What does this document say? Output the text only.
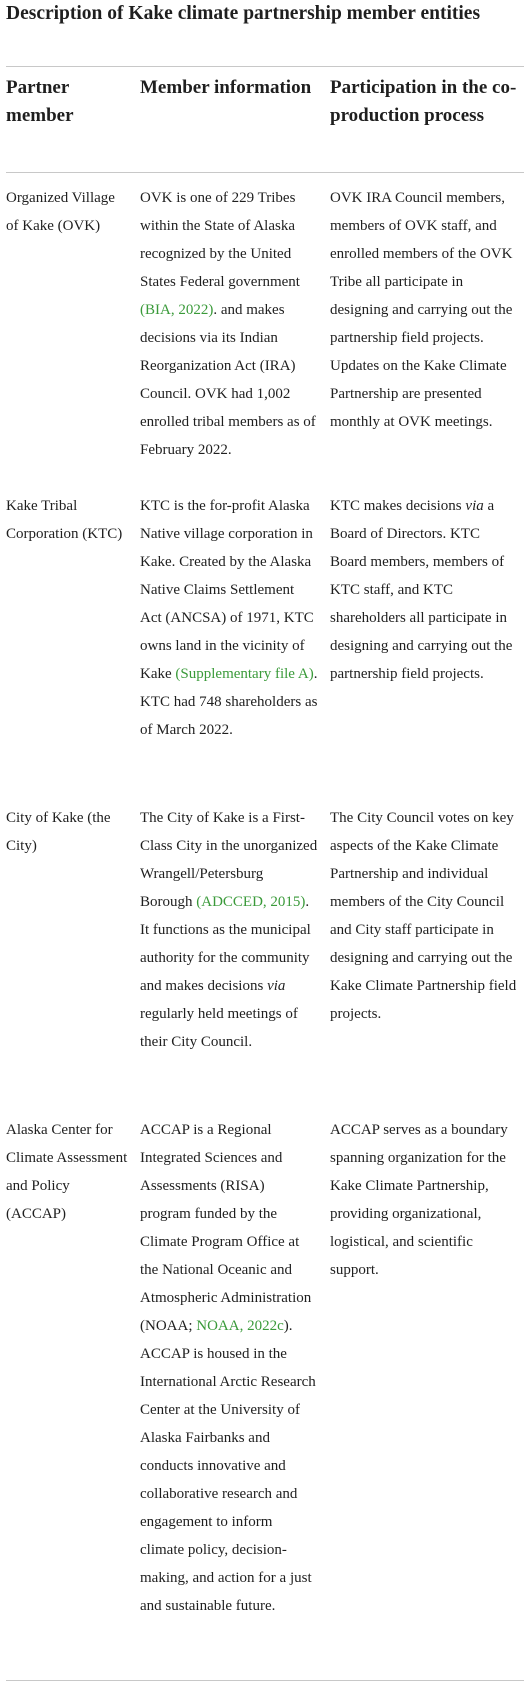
Description of Kake climate partnership member entities
Partner member
Member information Participation in the co-production process
Organized Village of Kake (OVK)
OVK is one of 229 Tribes within the State of Alaska recognized by the United States Federal government (BIA, 2022). and makes decisions via its Indian Reorganization Act (IRA) Council. OVK had 1,002 enrolled tribal members as of February 2022.
OVK IRA Council members, members of OVK staff, and enrolled members of the OVK Tribe all participate in designing and carrying out the partnership field projects. Updates on the Kake Climate Partnership are presented monthly at OVK meetings.
Kake Tribal Corporation (KTC)
KTC is the for-profit Alaska Native village corporation in Kake. Created by the Alaska Native Claims Settlement Act (ANCSA) of 1971, KTC owns land in the vicinity of Kake (Supplementary file A). KTC had 748 shareholders as of March 2022.
KTC makes decisions via a Board of Directors. KTC Board members, members of KTC staff, and KTC shareholders all participate in designing and carrying out the partnership field projects.
City of Kake (the City)
The City of Kake is a First-Class City in the unorganized Wrangell/Petersburg Borough (ADCCED, 2015). It functions as the municipal authority for the community and makes decisions via regularly held meetings of their City Council.
The City Council votes on key aspects of the Kake Climate Partnership and individual members of the City Council and City staff participate in designing and carrying out the Kake Climate Partnership field projects.
Alaska Center for Climate Assessment and Policy (ACCAP)
ACCAP is a Regional Integrated Sciences and Assessments (RISA) program funded by the Climate Program Office at the National Oceanic and Atmospheric Administration (NOAA; NOAA, 2022c). ACCAP is housed in the International Arctic Research Center at the University of Alaska Fairbanks and conducts innovative and collaborative research and engagement to inform climate policy, decision-making, and action for a just and sustainable future.
ACCAP serves as a boundary spanning organization for the Kake Climate Partnership, providing organizational, logistical, and scientific support.
